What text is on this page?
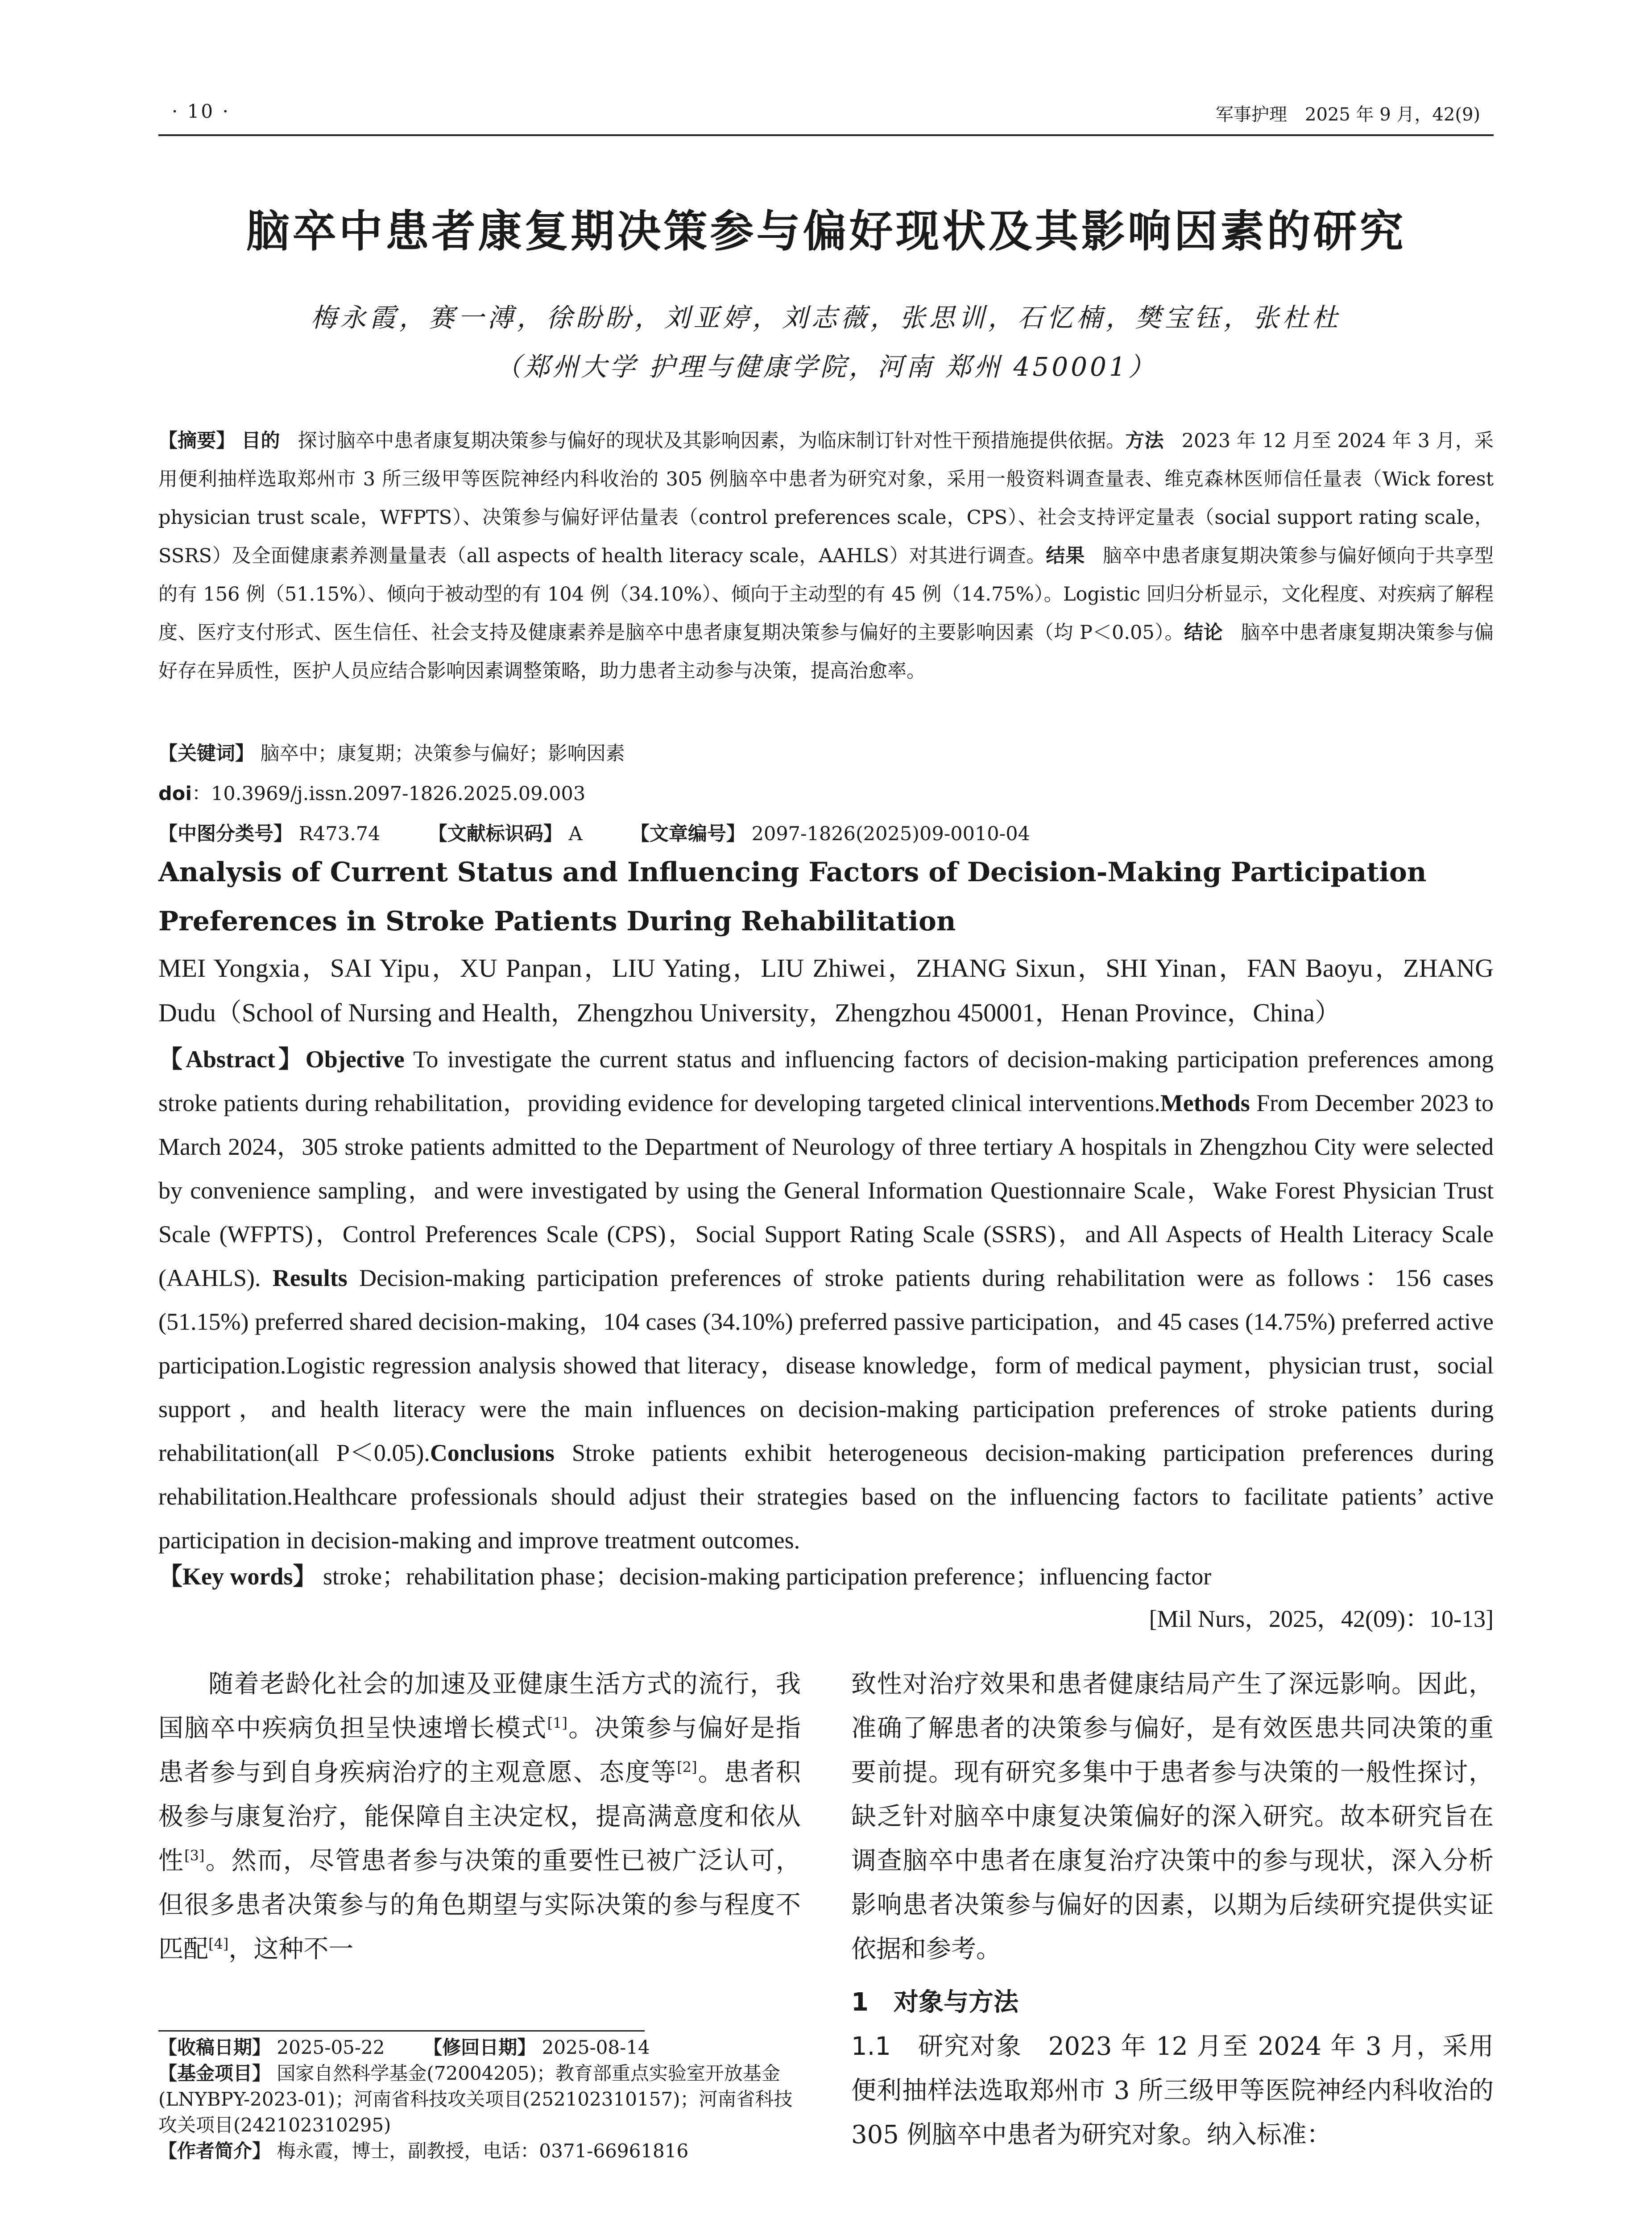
· 10 ·	军事护理　2025 年 9 月，42(9)
脑卒中患者康复期决策参与偏好现状及其影响因素的研究
梅永霞，赛一溥，徐盼盼，刘亚婷，刘志薇，张思训，石忆楠，樊宝钰，张杜杜
（郑州大学 护理与健康学院，河南 郑州 450001）
【摘要】 目的 探讨脑卒中患者康复期决策参与偏好的现状及其影响因素，为临床制订针对性干预措施提供依据。方法 2023 年 12 月至 2024 年 3 月，采用便利抽样选取郑州市 3 所三级甲等医院神经内科收治的 305 例脑卒中患者为研究对象，采用一般资料调查量表、维克森林医师信任量表（Wick forest physician trust scale，WFPTS）、决策参与偏好评估量表（control preferences scale，CPS）、社会支持评定量表（social support rating scale，SSRS）及全面健康素养测量量表（all aspects of health literacy scale，AAHLS）对其进行调查。结果 脑卒中患者康复期决策参与偏好倾向于共享型的有 156 例（51.15%）、倾向于被动型的有 104 例（34.10%）、倾向于主动型的有 45 例（14.75%）。Logistic 回归分析显示，文化程度、对疾病了解程度、医疗支付形式、医生信任、社会支持及健康素养是脑卒中患者康复期决策参与偏好的主要影响因素（均 P＜0.05）。结论 脑卒中患者康复期决策参与偏好存在异质性，医护人员应结合影响因素调整策略，助力患者主动参与决策，提高治愈率。
【关键词】 脑卒中；康复期；决策参与偏好；影响因素
doi：10.3969/j.issn.2097-1826.2025.09.003
【中图分类号】 R473.74 【文献标识码】 A 【文章编号】 2097-1826(2025)09-0010-04
Analysis of Current Status and Influencing Factors of Decision-Making Participation Preferences in Stroke Patients During Rehabilitation
MEI Yongxia，SAI Yipu，XU Panpan，LIU Yating，LIU Zhiwei，ZHANG Sixun，SHI Yinan，FAN Baoyu，ZHANG Dudu（School of Nursing and Health，Zhengzhou University，Zhengzhou 450001，Henan Province，China）
【Abstract】Objective To investigate the current status and influencing factors of decision-making participation preferences among stroke patients during rehabilitation，providing evidence for developing targeted clinical interventions.Methods From December 2023 to March 2024，305 stroke patients admitted to the Department of Neurology of three tertiary A hospitals in Zhengzhou City were selected by convenience sampling，and were investigated by using the General Information Questionnaire Scale，Wake Forest Physician Trust Scale (WFPTS)，Control Preferences Scale (CPS)，Social Support Rating Scale (SSRS)，and All Aspects of Health Literacy Scale (AAHLS). Results Decision-making participation preferences of stroke patients during rehabilitation were as follows：156 cases (51.15%) preferred shared decision-making，104 cases (34.10%) preferred passive participation，and 45 cases (14.75%) preferred active participation.Logistic regression analysis showed that literacy，disease knowledge，form of medical payment，physician trust，social support，and health literacy were the main influences on decision-making participation preferences of stroke patients during rehabilitation(all P＜0.05).Conclusions Stroke patients exhibit heterogeneous decision-making participation preferences during rehabilitation.Healthcare professionals should adjust their strategies based on the influencing factors to facilitate patients’ active participation in decision-making and improve treatment outcomes.
【Key words】 stroke；rehabilitation phase；decision-making participation preference；influencing factor
[Mil Nurs，2025，42(09)：10-13]

随着老龄化社会的加速及亚健康生活方式的流行，我国脑卒中疾病负担呈快速增长模式[1]。决策参与偏好是指患者参与到自身疾病治疗的主观意愿、态度等[2]。患者积极参与康复治疗，能保障自主决定权，提高满意度和依从性[3]。然而，尽管患者参与决策的重要性已被广泛认可，但很多患者决策参与的角色期望与实际决策的参与程度不匹配[4]，这种不一

【收稿日期】 2025-05-22 【修回日期】 2025-08-14
【基金项目】 国家自然科学基金(72004205)；教育部重点实验室开放基金(LNYBPY-2023-01)；河南省科技攻关项目(252102310157)；河南省科技攻关项目(242102310295)
【作者简介】 梅永霞，博士，副教授，电话：0371-66961816

致性对治疗效果和患者健康结局产生了深远影响。因此，准确了解患者的决策参与偏好，是有效医患共同决策的重要前提。现有研究多集中于患者参与决策的一般性探讨，缺乏针对脑卒中康复决策偏好的深入研究。故本研究旨在调查脑卒中患者在康复治疗决策中的参与现状，深入分析影响患者决策参与偏好的因素，以期为后续研究提供实证依据和参考。

1　对象与方法

1.1　研究对象　 2023 年 12 月至 2024 年 3 月，采用便利抽样法选取郑州市 3 所三级甲等医院神经内科收治的 305 例脑卒中患者为研究对象。纳入标准：
